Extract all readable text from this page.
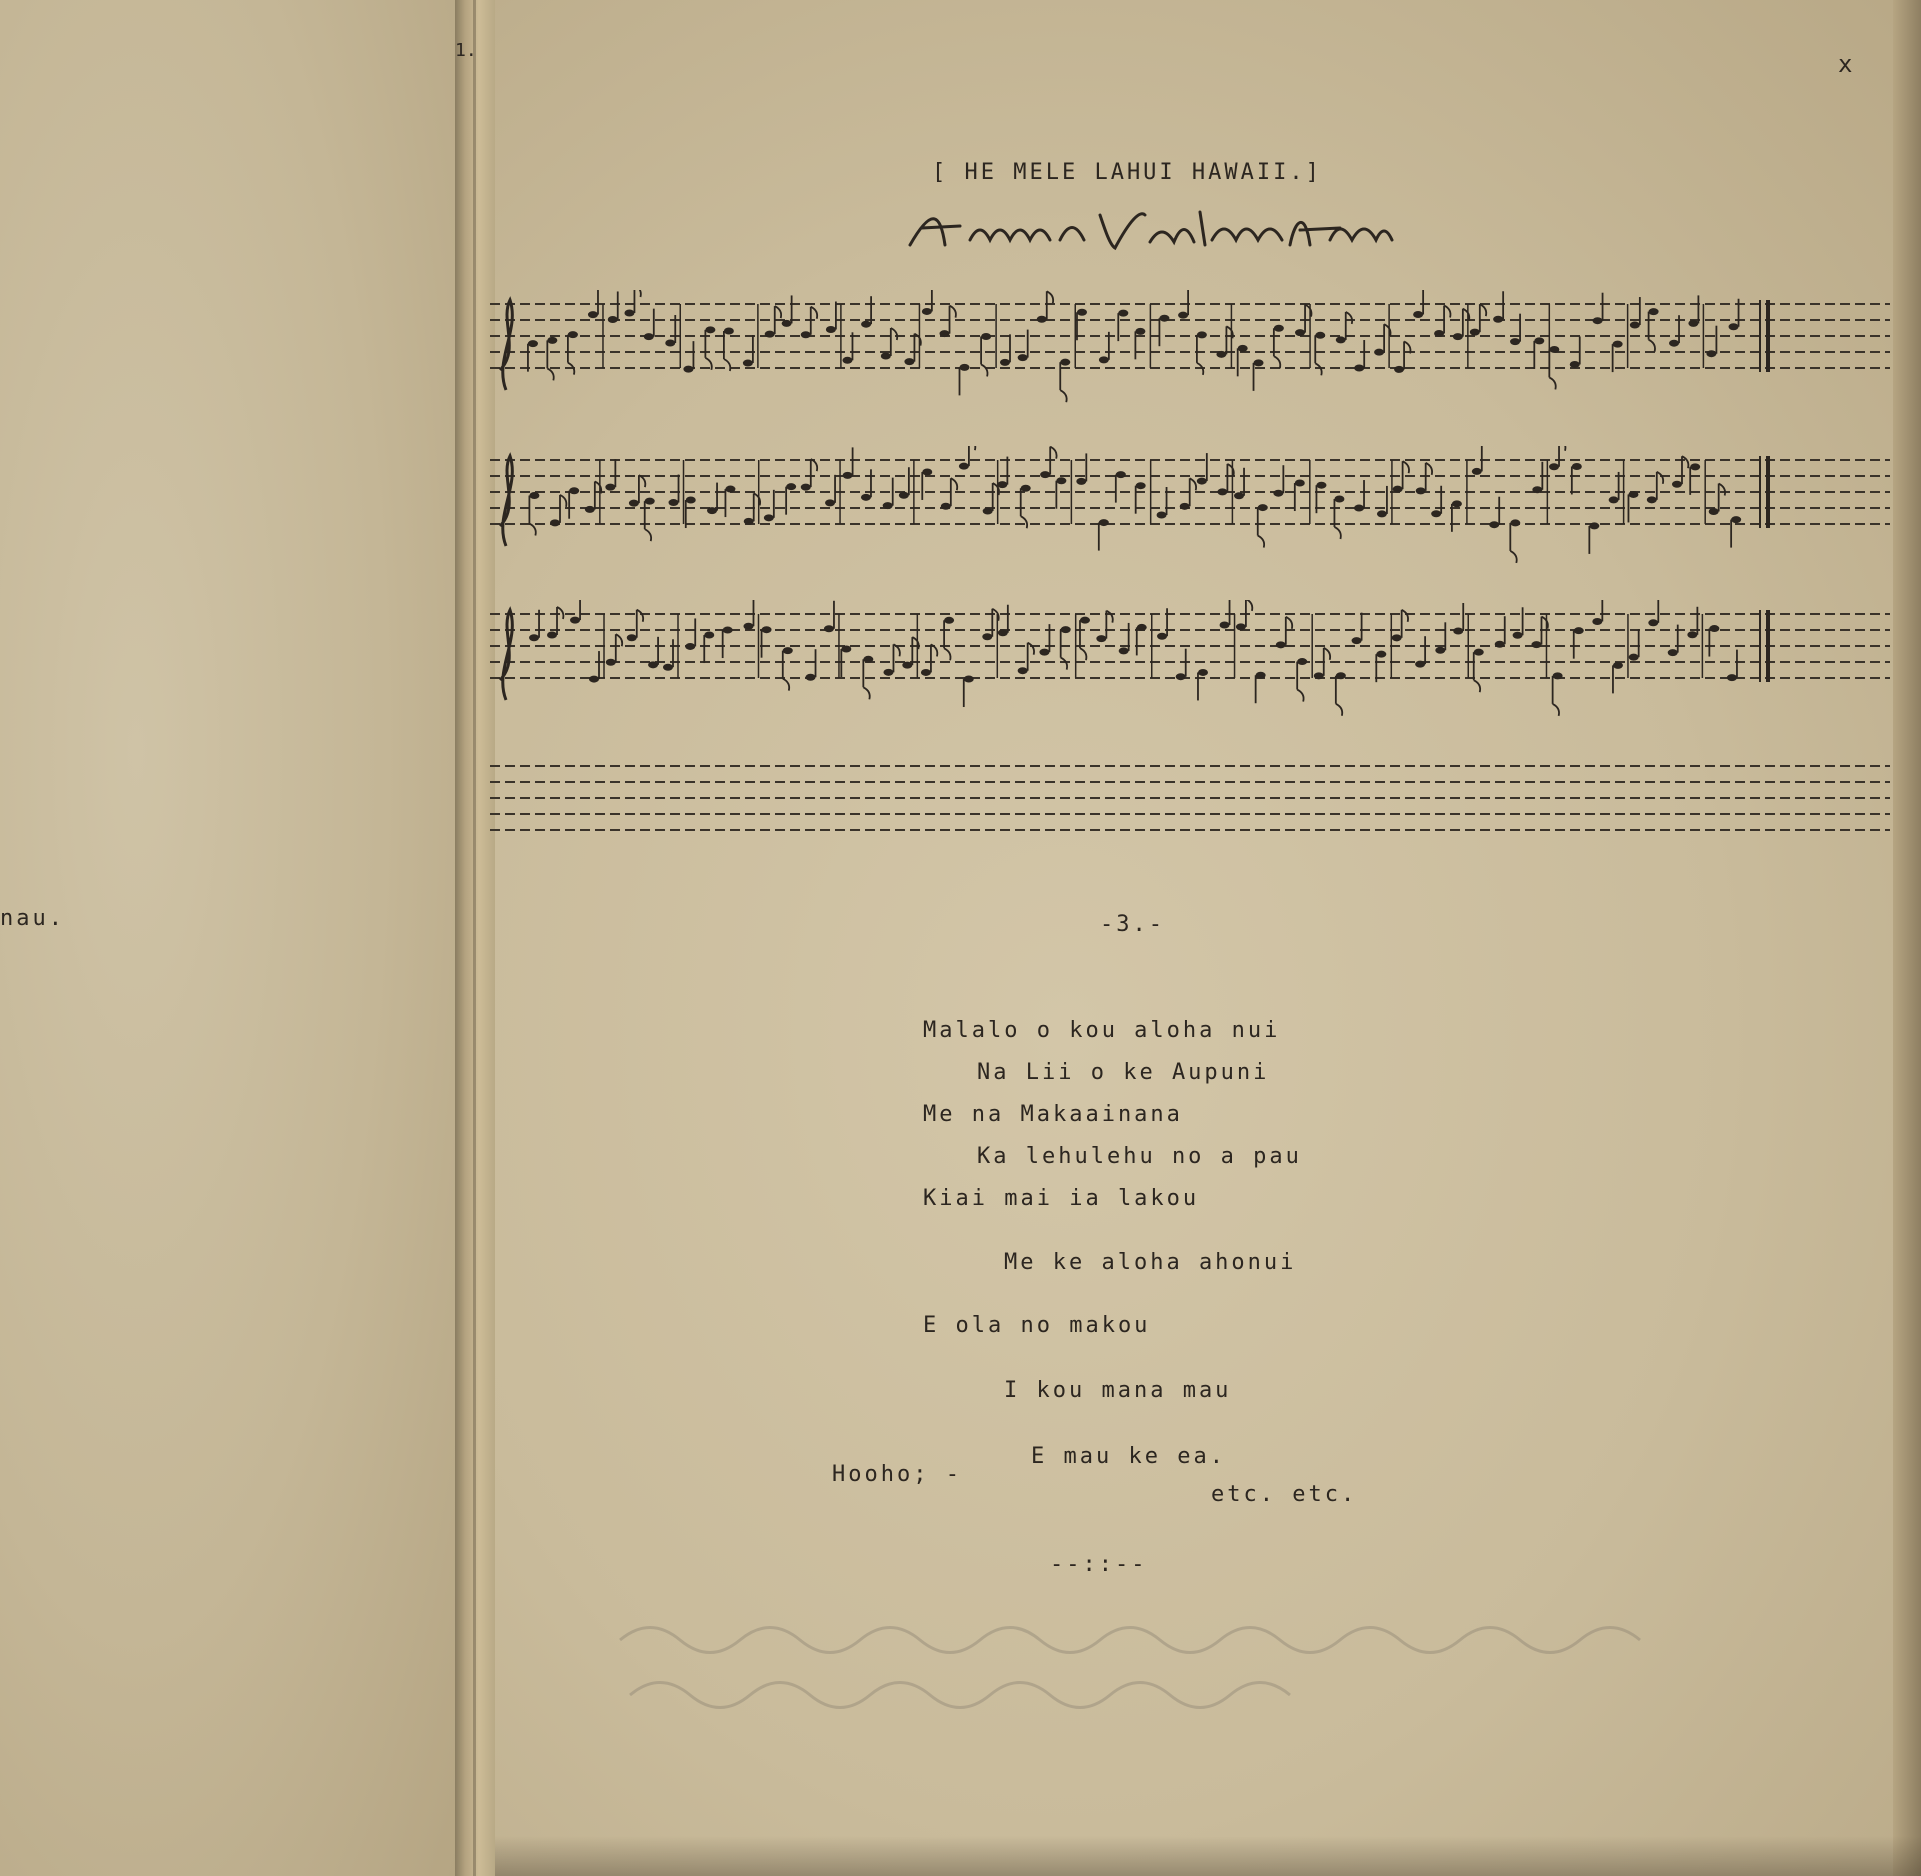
nau.
1.	x
[ HE MELE LAHUI HAWAII.]
Hawaiian National Anthem.
-3.-
Malalo o kou aloha nui
Na Lii o ke Aupuni
Me na Makaainana
Ka lehulehu no a pau
Kiai mai ia lakou
Me ke aloha ahonui
E ola no makou
I kou mana mau
Hooho; -
E mau ke ea.
etc. etc.
--::--
